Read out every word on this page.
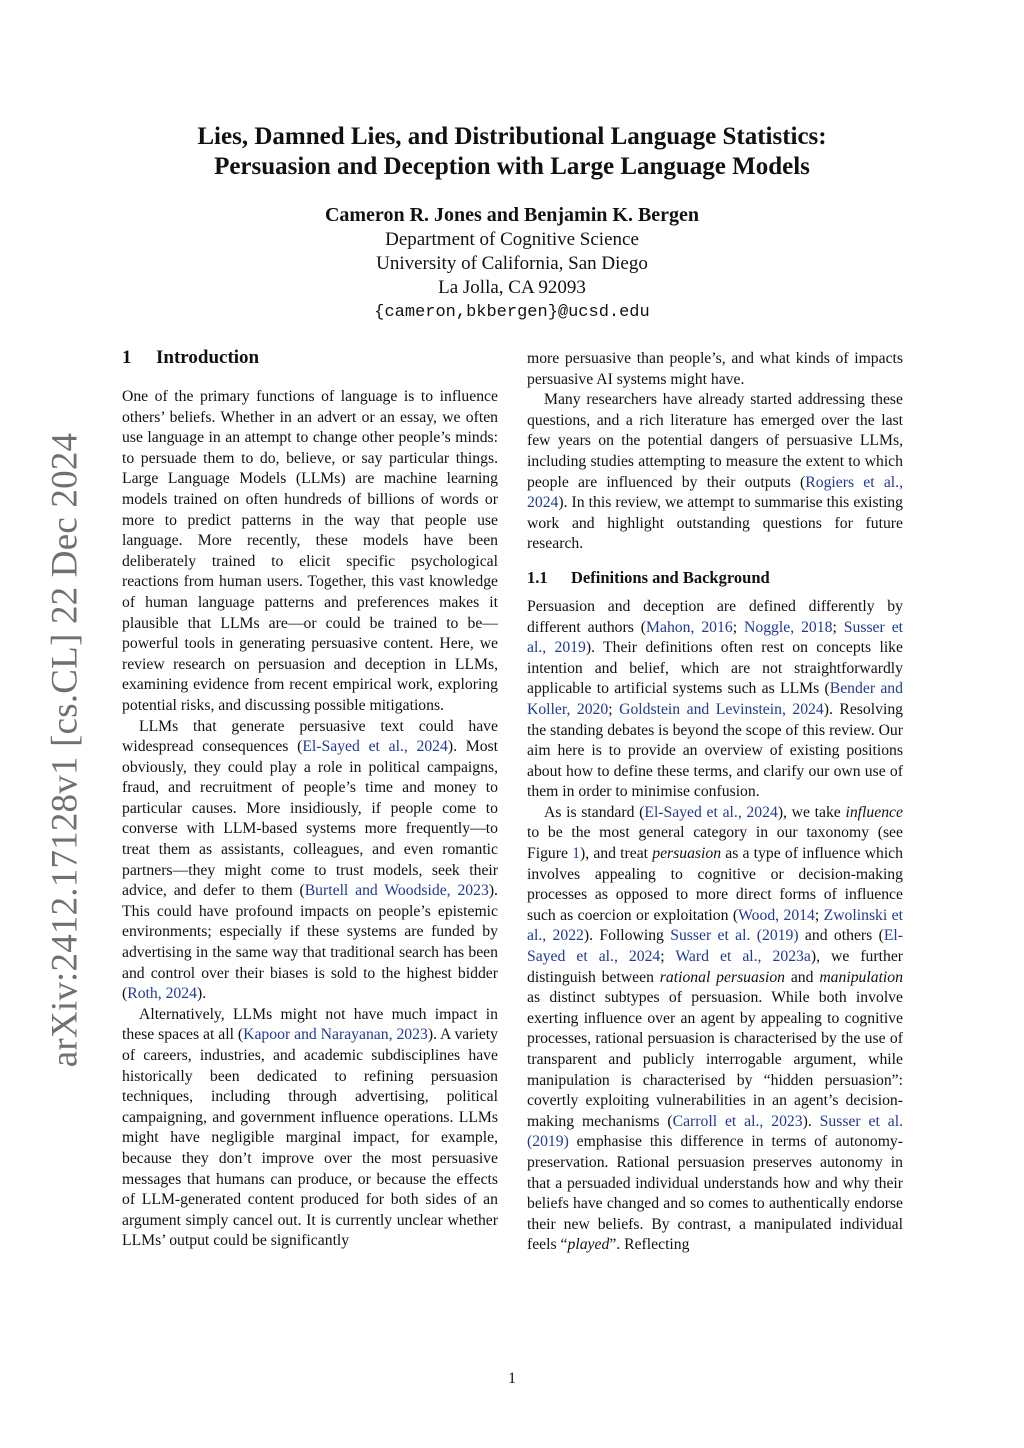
arXiv:2412.17128v1 [cs.CL] 22 Dec 2024
Lies, Damned Lies, and Distributional Language Statistics:
Persuasion and Deception with Large Language Models
Cameron R. Jones and Benjamin K. Bergen
Department of Cognitive Science
University of California, San Diego
La Jolla, CA 92093
{cameron,bkbergen}@ucsd.edu
1 Introduction

One of the primary functions of language is to influence others’ beliefs. Whether in an advert or an essay, we often use language in an attempt to change other people’s minds: to persuade them to do, believe, or say particular things. Large Language Models (LLMs) are machine learning models trained on often hundreds of billions of words or more to predict patterns in the way that people use language. More recently, these models have been deliberately trained to elicit specific psychological reactions from human users. Together, this vast knowledge of human language patterns and preferences makes it plausible that LLMs are—or could be trained to be—powerful tools in generating persuasive content. Here, we review research on persuasion and deception in LLMs, examining evidence from recent empirical work, exploring potential risks, and discussing possible mitigations.

LLMs that generate persuasive text could have widespread consequences (El-Sayed et al., 2024). Most obviously, they could play a role in political campaigns, fraud, and recruitment of people’s time and money to particular causes. More insidiously, if people come to converse with LLM-based systems more frequently—to treat them as assistants, colleagues, and even romantic partners—they might come to trust models, seek their advice, and defer to them (Burtell and Woodside, 2023). This could have profound impacts on people’s epistemic environments; especially if these systems are funded by advertising in the same way that traditional search has been and control over their biases is sold to the highest bidder (Roth, 2024).

Alternatively, LLMs might not have much impact in these spaces at all (Kapoor and Narayanan, 2023). A variety of careers, industries, and academic subdisciplines have historically been dedicated to refining persuasion techniques, including through advertising, political campaigning, and government influence operations. LLMs might have negligible marginal impact, for example, because they don’t improve over the most persuasive messages that humans can produce, or because the effects of LLM-generated content produced for both sides of an argument simply cancel out. It is currently unclear whether LLMs’ output could be significantly

more persuasive than people’s, and what kinds of impacts persuasive AI systems might have.

Many researchers have already started addressing these questions, and a rich literature has emerged over the last few years on the potential dangers of persuasive LLMs, including studies attempting to measure the extent to which people are influenced by their outputs (Rogiers et al., 2024). In this review, we attempt to summarise this existing work and highlight outstanding questions for future research.

1.1 Definitions and Background

Persuasion and deception are defined differently by different authors (Mahon, 2016; Noggle, 2018; Susser et al., 2019). Their definitions often rest on concepts like intention and belief, which are not straightforwardly applicable to artificial systems such as LLMs (Bender and Koller, 2020; Goldstein and Levinstein, 2024). Resolving the standing debates is beyond the scope of this review. Our aim here is to provide an overview of existing positions about how to define these terms, and clarify our own use of them in order to minimise confusion.

As is standard (El-Sayed et al., 2024), we take influence to be the most general category in our taxonomy (see Figure 1), and treat persuasion as a type of influence which involves appealing to cognitive or decision-making processes as opposed to more direct forms of influence such as coercion or exploitation (Wood, 2014; Zwolinski et al., 2022). Following Susser et al. (2019) and others (El-Sayed et al., 2024; Ward et al., 2023a), we further distinguish between rational persuasion and manipulation as distinct subtypes of persuasion. While both involve exerting influence over an agent by appealing to cognitive processes, rational persuasion is characterised by the use of transparent and publicly interrogable argument, while manipulation is characterised by “hidden persuasion”: covertly exploiting vulnerabilities in an agent’s decision-making mechanisms (Carroll et al., 2023). Susser et al. (2019) emphasise this difference in terms of autonomy-preservation. Rational persuasion preserves autonomy in that a persuaded individual understands how and why their beliefs have changed and so comes to authentically endorse their new beliefs. By contrast, a manipulated individual feels “played”. Reflecting

1
